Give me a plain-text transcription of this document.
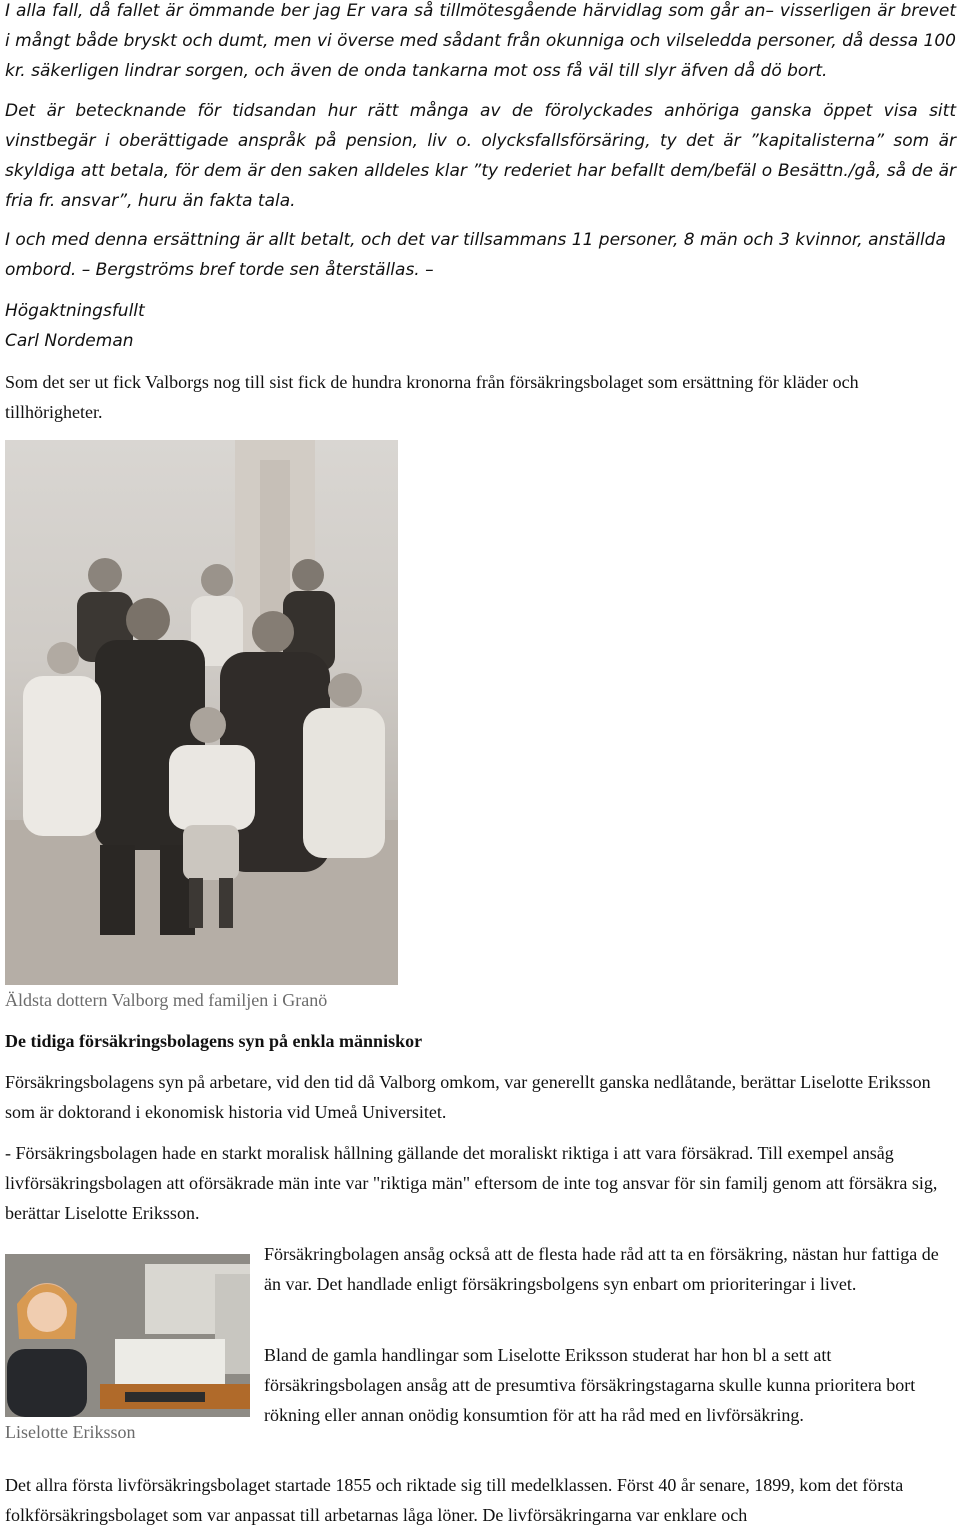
I alla fall, då fallet är ömmande ber jag Er vara så tillmötesgående härvidlag som går an– visserligen är brevet i mångt både bryskt och dumt, men vi överse med sådant från okunniga och vilseledda personer, då dessa 100 kr. säkerligen lindrar sorgen, och även de onda tankarna mot oss få väl till slyr äfven då dö bort.

Det är betecknande för tidsandan hur rätt många av de förolyckades anhöriga ganska öppet visa sitt vinstbegär i oberättigade anspråk på pension, liv o. olycksfallsförsäring, ty det är ”kapitalisterna” som är skyldiga att betala, för dem är den saken alldeles klar ”ty rederiet har befallt dem/befäl o Besättn./gå, så de är fria fr. ansvar”, huru än fakta tala.

I och med denna ersättning är allt betalt, och det var tillsammans 11 personer, 8 män och 3 kvinnor, anställda ombord. – Bergströms bref torde sen återställas. –

Högaktningsfullt

Carl Nordeman

Som det ser ut fick Valborgs nog till sist fick de hundra kronorna från försäkringsbolaget som ersättning för kläder och tillhörigheter.

Äldsta dottern Valborg med familjen i Granö
De tidiga försäkringsbolagens syn på enkla människor

Försäkringsbolagens syn på arbetare, vid den tid då Valborg omkom, var generellt ganska nedlåtande, berättar Liselotte Eriksson som är doktorand i ekonomisk historia vid Umeå Universitet.

- Försäkringsbolagen hade en starkt moralisk hållning gällande det moraliskt riktiga i att vara försäkrad. Till exempel ansåg livförsäkringsbolagen att oförsäkrade män inte var "riktiga män" eftersom de inte tog ansvar för sin familj genom att försäkra sig, berättar Liselotte Eriksson.

Liselotte Eriksson

Försäkringbolagen ansåg också att de flesta hade råd att ta en försäkring, nästan hur fattiga de än var. Det handlade enligt försäkringsbolgens syn enbart om prioriteringar i livet.

Bland de gamla handlingar som Liselotte Eriksson studerat har hon bl a sett att försäkringsbolagen ansåg att de presumtiva försäkringstagarna skulle kunna prioritera bort rökning eller annan onödig konsumtion för att ha råd med en livförsäkring.

Det allra första livförsäkringsbolaget startade 1855 och riktade sig till medelklassen. Först 40 år senare, 1899, kom det första folkförsäkringsbolaget som var anpassat till arbetarnas låga löner. De livförsäkringarna var enklare och
